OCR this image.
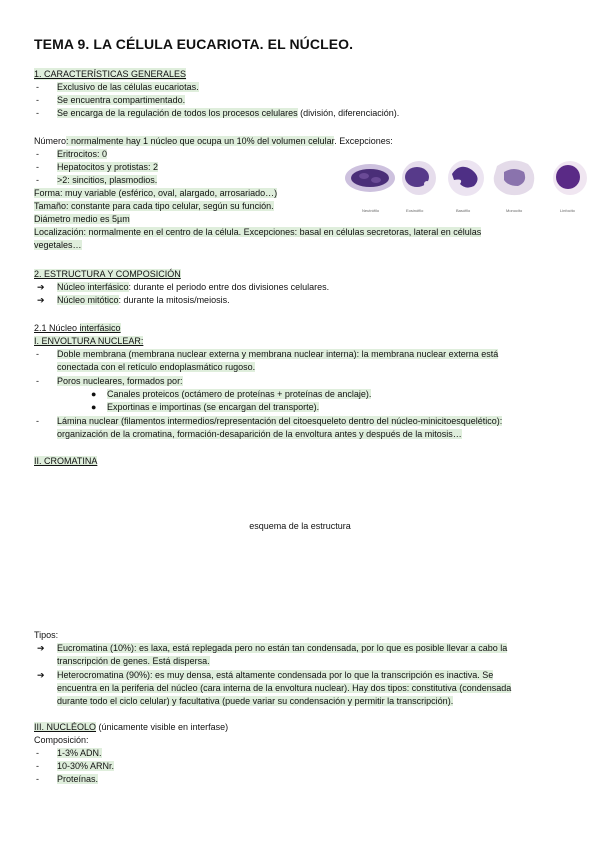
TEMA 9. LA CÉLULA EUCARIOTA. EL NÚCLEO.
1. CARACTERÍSTICAS GENERALES
- Exclusivo de las células eucariotas.
- Se encuentra compartimentado.
- Se encarga de la regulación de todos los procesos celulares (división, diferenciación).
Número: normalmente hay 1 núcleo que ocupa un 10% del volumen celular. Excepciones:
- Eritrocitos: 0
- Hepatocitos y protistas: 2
- >2: sincitios, plasmodios.
Forma: muy variable (esférico, oval, alargado, arrosariado…)
Tamaño: constante para cada tipo celular, según su función.
Diámetro medio es 5µm
Localización: normalmente en el centro de la célula. Excepciones: basal en células secretoras, lateral en células
vegetales…
Neutrófilo	Eosinófilo	Basófilo	Monocito	Linfocito
2. ESTRUCTURA Y COMPOSICIÓN
➔ Núcleo interfásico: durante el periodo entre dos divisiones celulares.
➔ Núcleo mitótico: durante la mitosis/meiosis.
2.1 Núcleo interfásico
I. ENVOLTURA NUCLEAR:
- Doble membrana (membrana nuclear externa y membrana nuclear interna): la membrana nuclear externa está
conectada con el retículo endoplasmático rugoso.
- Poros nucleares, formados por:
● Canales proteicos (octámero de proteínas + proteínas de anclaje).
● Exportinas e importinas (se encargan del transporte).
- Lámina nuclear (filamentos intermedios/representación del citoesqueleto dentro del núcleo-minicitoesquelético):
organización de la cromatina, formación-desaparición de la envoltura antes y después de la mitosis…
II. CROMATINA
esquema de la estructura
Tipos:
➔ Eucromatina (10%): es laxa, está replegada pero no están tan condensada, por lo que es posible llevar a cabo la
transcripción de genes. Está dispersa.
➔ Heterocromatina (90%): es muy densa, está altamente condensada por lo que la transcripción es inactiva. Se
encuentra en la periferia del núcleo (cara interna de la envoltura nuclear). Hay dos tipos: constitutiva (condensada
durante todo el ciclo celular) y facultativa (puede variar su condensación y permitir la transcripción).
III. NUCLÉOLO (únicamente visible en interfase)
Composición:
- 1-3% ADN.
- 10-30% ARNr.
- Proteínas.
